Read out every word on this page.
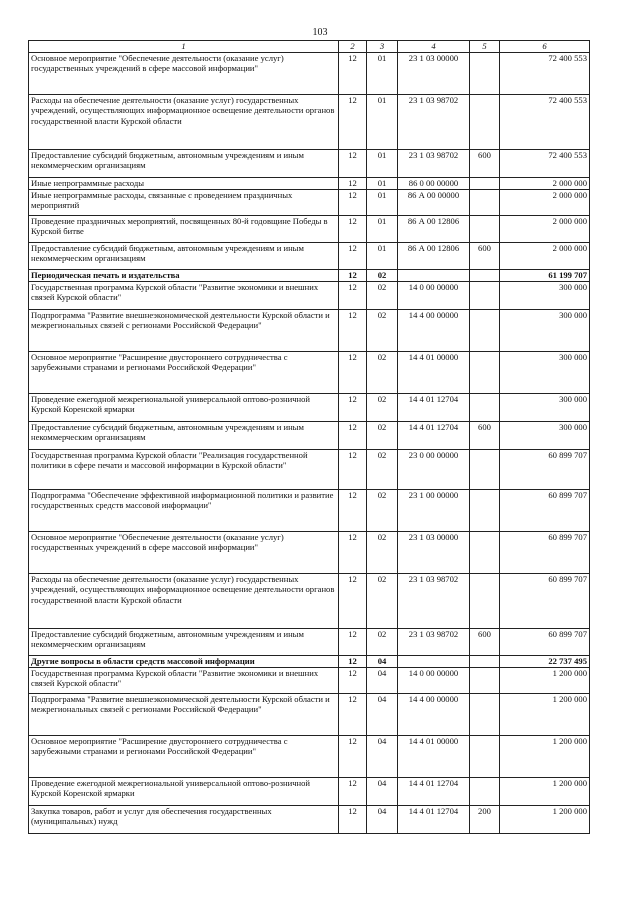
103
1	2	3	4	5	6
Основное мероприятие "Обеспечение деятельности (оказание услуг) государственных учреждений в сфере массовой информации"	12	01	23 1 03 00000		72 400 553
Расходы на обеспечение деятельности (оказание услуг) государственных учреждений, осуществляющих информационное освещение деятельности органов государственной власти Курской области	12	01	23 1 03 98702		72 400 553
Предоставление субсидий бюджетным, автономным учреждениям и иным некоммерческим организациям	12	01	23 1 03 98702	600	72 400 553
Иные непрограммные расходы	12	01	86 0 00 00000		2 000 000
Иные непрограммные расходы, связанные с проведением праздничных мероприятий	12	01	86 А 00 00000		2 000 000
Проведение праздничных мероприятий, посвященных 80-й годовщине Победы в Курской битве	12	01	86 А 00 12806		2 000 000
Предоставление субсидий бюджетным, автономным учреждениям и иным некоммерческим организациям	12	01	86 А 00 12806	600	2 000 000
Периодическая печать и издательства	12	02			61 199 707
Государственная программа Курской области "Развитие экономики и внешних связей Курской области"	12	02	14 0 00 00000		300 000
Подпрограмма "Развитие внешнеэкономической деятельности Курской области и межрегиональных связей с регионами Российской Федерации"	12	02	14 4 00 00000		300 000
Основное мероприятие "Расширение двустороннего сотрудничества с зарубежными странами и регионами Российской Федерации"	12	02	14 4 01 00000		300 000
Проведение ежегодной межрегиональной универсальной оптово-розничной Курской Коренской ярмарки	12	02	14 4 01 12704		300 000
Предоставление субсидий бюджетным, автономным учреждениям и иным некоммерческим организациям	12	02	14 4 01 12704	600	300 000
Государственная программа Курской области "Реализация государственной политики в сфере печати и массовой информации в Курской области"	12	02	23 0 00 00000		60 899 707
Подпрограмма "Обеспечение эффективной информационной политики и развитие государственных средств массовой информации"	12	02	23 1 00 00000		60 899 707
Основное мероприятие "Обеспечение деятельности (оказание услуг) государственных учреждений в сфере массовой информации"	12	02	23 1 03 00000		60 899 707
Расходы на обеспечение деятельности (оказание услуг) государственных учреждений, осуществляющих информационное освещение деятельности органов государственной власти Курской области	12	02	23 1 03 98702		60 899 707
Предоставление субсидий бюджетным, автономным учреждениям и иным некоммерческим организациям	12	02	23 1 03 98702	600	60 899 707
Другие вопросы в области средств массовой информации	12	04			22 737 495
Государственная программа Курской области "Развитие экономики и внешних связей Курской области"	12	04	14 0 00 00000		1 200 000
Подпрограмма "Развитие внешнеэкономической деятельности Курской области и межрегиональных связей с регионами Российской Федерации"	12	04	14 4 00 00000		1 200 000
Основное мероприятие "Расширение двустороннего сотрудничества с зарубежными странами и регионами Российской Федерации"	12	04	14 4 01 00000		1 200 000
Проведение ежегодной межрегиональной универсальной оптово-розничной Курской Коренской ярмарки	12	04	14 4 01 12704		1 200 000
Закупка товаров, работ и услуг для обеспечения государственных (муниципальных) нужд	12	04	14 4 01 12704	200	1 200 000
